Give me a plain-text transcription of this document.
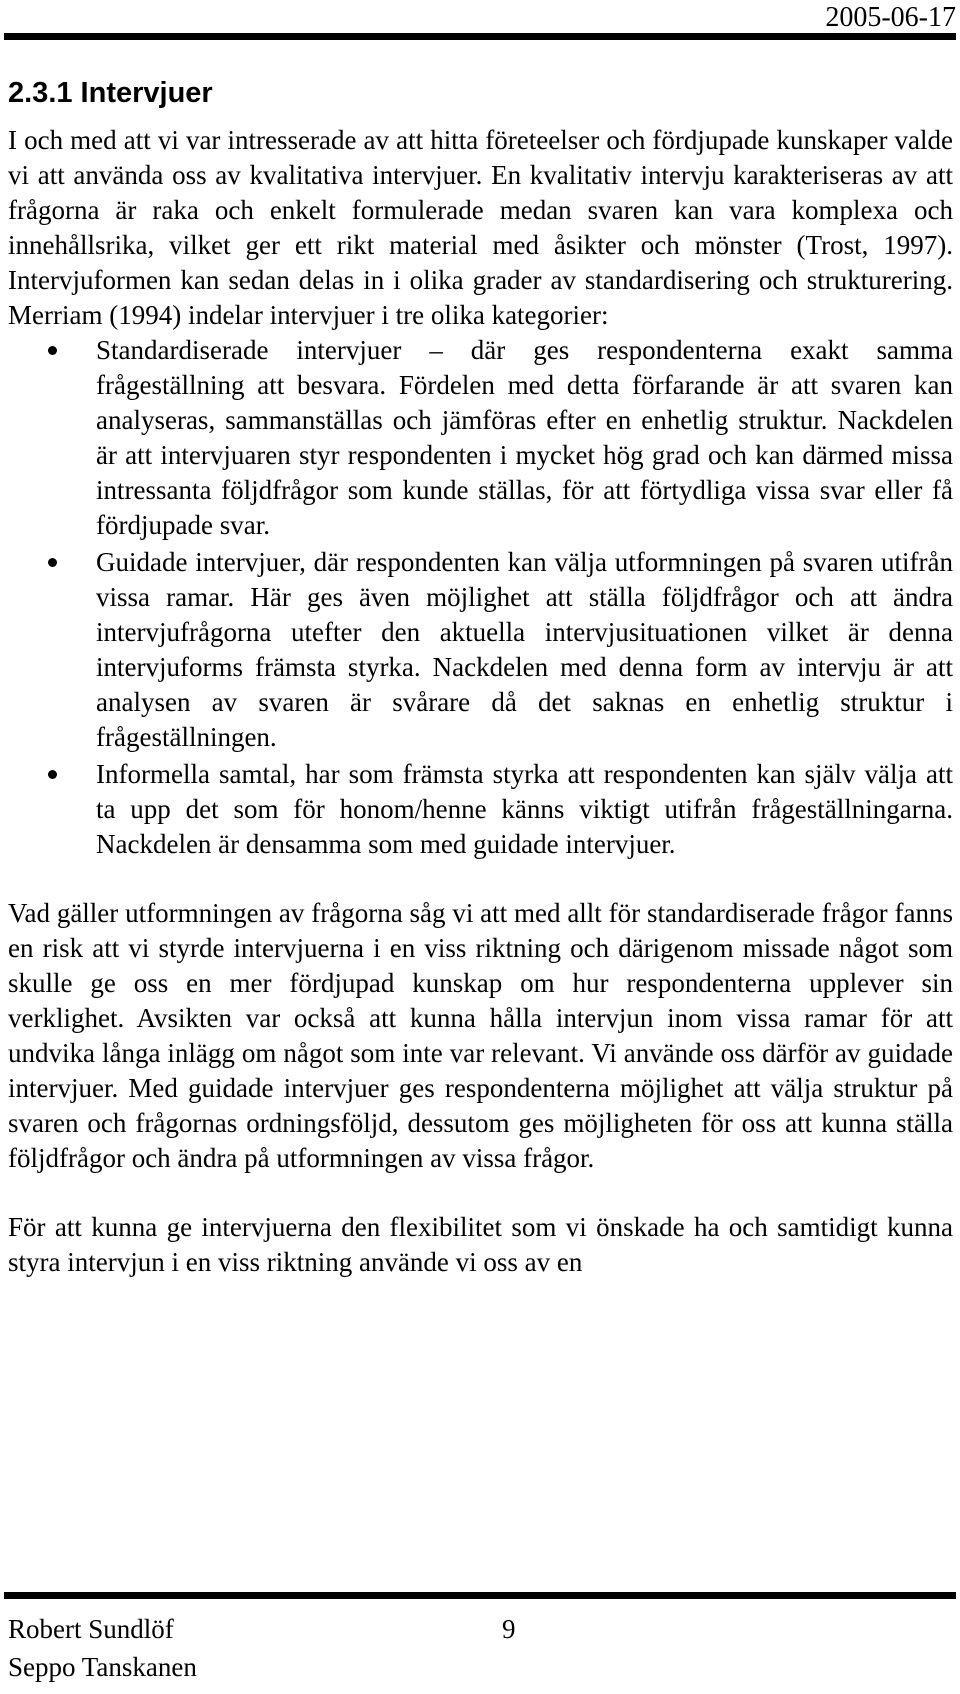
2005-06-17
2.3.1 Intervjuer

I och med att vi var intresserade av att hitta företeelser och fördjupade kunskaper valde vi att använda oss av kvalitativa intervjuer. En kvalitativ intervju karakteriseras av att frågorna är raka och enkelt formulerade medan svaren kan vara komplexa och innehållsrika, vilket ger ett rikt material med åsikter och mönster (Trost, 1997). Intervjuformen kan sedan delas in i olika grader av standardisering och strukturering. Merriam (1994) indelar intervjuer i tre olika kategorier:

Standardiserade intervjuer – där ges respondenterna exakt samma frågeställning att besvara. Fördelen med detta förfarande är att svaren kan analyseras, sammanställas och jämföras efter en enhetlig struktur. Nackdelen är att intervjuaren styr respondenten i mycket hög grad och kan därmed missa intressanta följdfrågor som kunde ställas, för att förtydliga vissa svar eller få fördjupade svar.
Guidade intervjuer, där respondenten kan välja utformningen på svaren utifrån vissa ramar. Här ges även möjlighet att ställa följdfrågor och att ändra intervjufrågorna utefter den aktuella intervjusituationen vilket är denna intervjuforms främsta styrka. Nackdelen med denna form av intervju är att analysen av svaren är svårare då det saknas en enhetlig struktur i frågeställningen.
Informella samtal, har som främsta styrka att respondenten kan själv välja att ta upp det som för honom/henne känns viktigt utifrån frågeställningarna. Nackdelen är densamma som med guidade intervjuer.

Vad gäller utformningen av frågorna såg vi att med allt för standardiserade frågor fanns en risk att vi styrde intervjuerna i en viss riktning och därigenom missade något som skulle ge oss en mer fördjupad kunskap om hur respondenterna upplever sin verklighet. Avsikten var också att kunna hålla intervjun inom vissa ramar för att undvika långa inlägg om något som inte var relevant. Vi använde oss därför av guidade intervjuer. Med guidade intervjuer ges respondenterna möjlighet att välja struktur på svaren och frågornas ordningsföljd, dessutom ges möjligheten för oss att kunna ställa följdfrågor och ändra på utformningen av vissa frågor.

För att kunna ge intervjuerna den flexibilitet som vi önskade ha och samtidigt kunna styra intervjun i en viss riktning använde vi oss av en

Robert Sundlöf	9
Seppo Tanskanen
